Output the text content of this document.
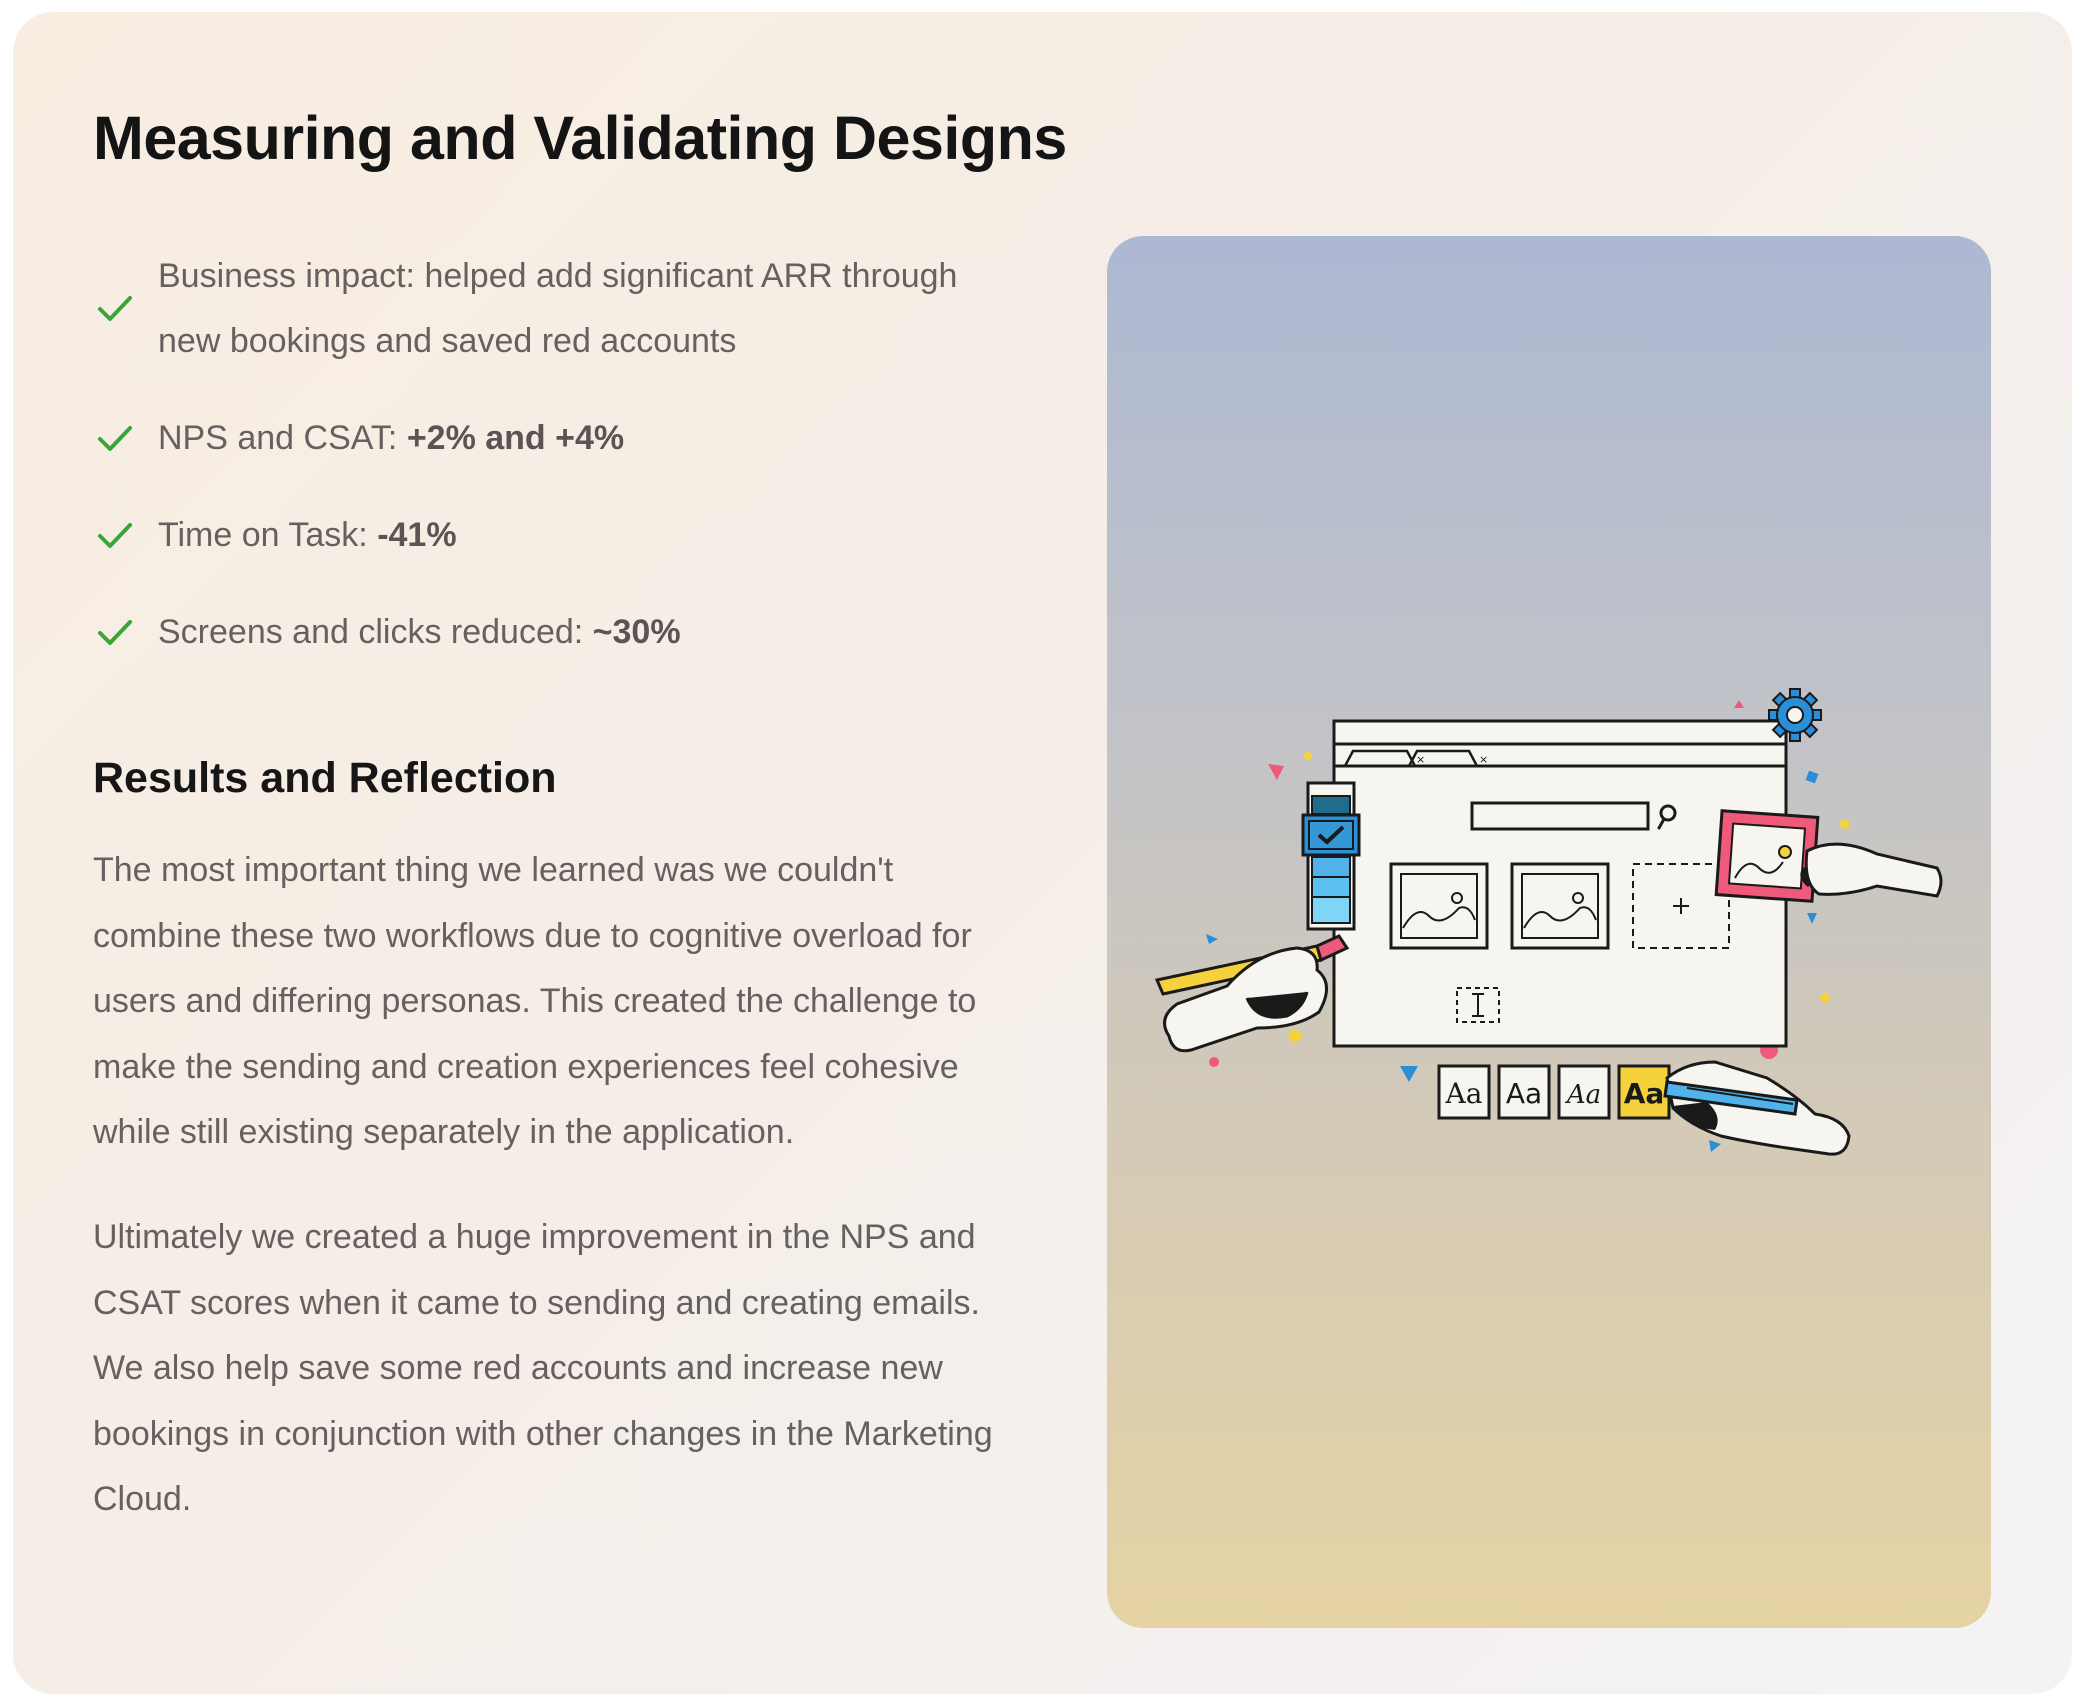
Measuring and Validating Designs
Business impact: helped add significant ARR through new bookings and saved red accounts
NPS and CSAT: +2% and +4%
Time on Task: -41%
Screens and clicks reduced: ~30%
Results and Reflection

The most important thing we learned was we couldn't combine these two workflows due to cognitive overload for users and differing personas. This created the challenge to make the sending and creation experiences feel cohesive while still existing separately in the application.

Ultimately we created a huge improvement in the NPS and CSAT scores when it came to sending and creating emails. We also help save some red accounts and increase new bookings in conjunction with other changes in the Marketing Cloud.

×	×
Aa Aa Aa Aa
